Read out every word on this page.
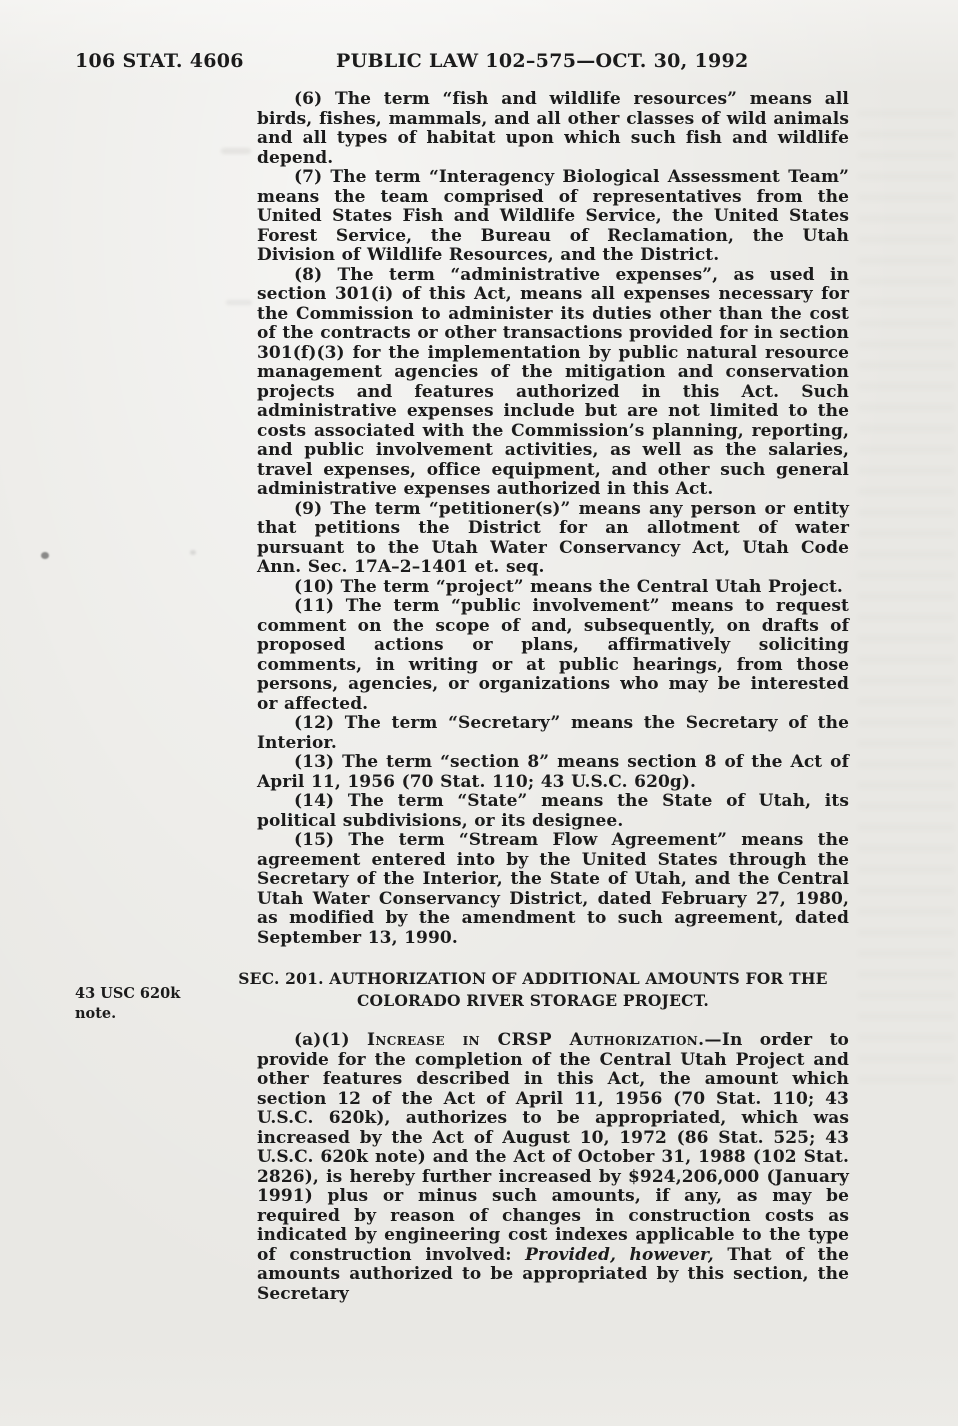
106 STAT. 4606	PUBLIC LAW 102–575—OCT. 30, 1992
43 USC 620k note.

(6) The term “fish and wildlife resources” means all birds, fishes, mammals, and all other classes of wild animals and all types of habitat upon which such fish and wildlife depend.

(7) The term “Interagency Biological Assessment Team” means the team comprised of representatives from the United States Fish and Wildlife Service, the United States Forest Service, the Bureau of Reclamation, the Utah Division of Wildlife Resources, and the District.

(8) The term “administrative expenses”, as used in section 301(i) of this Act, means all expenses necessary for the Commission to administer its duties other than the cost of the contracts or other transactions provided for in section 301(f)(3) for the implementation by public natural resource management agencies of the mitigation and conservation projects and features authorized in this Act. Such administrative expenses include but are not limited to the costs associated with the Commission’s planning, reporting, and public involvement activities, as well as the salaries, travel expenses, office equipment, and other such general administrative expenses authorized in this Act.

(9) The term “petitioner(s)” means any person or entity that petitions the District for an allotment of water pursuant to the Utah Water Conservancy Act, Utah Code Ann. Sec. 17A–2–1401 et. seq.

(10) The term “project” means the Central Utah Project.

(11) The term “public involvement” means to request comment on the scope of and, subsequently, on drafts of proposed actions or plans, affirmatively soliciting comments, in writing or at public hearings, from those persons, agencies, or organizations who may be interested or affected.

(12) The term “Secretary” means the Secretary of the Interior.

(13) The term “section 8” means section 8 of the Act of April 11, 1956 (70 Stat. 110; 43 U.S.C. 620g).

(14) The term “State” means the State of Utah, its political subdivisions, or its designee.

(15) The term “Stream Flow Agreement” means the agreement entered into by the United States through the Secretary of the Interior, the State of Utah, and the Central Utah Water Conservancy District, dated February 27, 1980, as modified by the amendment to such agreement, dated September 13, 1990.

SEC. 201. AUTHORIZATION OF ADDITIONAL AMOUNTS FOR THE COLORADO RIVER STORAGE PROJECT.

(a)(1) Increase in CRSP Authorization.—In order to provide for the completion of the Central Utah Project and other features described in this Act, the amount which section 12 of the Act of April 11, 1956 (70 Stat. 110; 43 U.S.C. 620k), authorizes to be appropriated, which was increased by the Act of August 10, 1972 (86 Stat. 525; 43 U.S.C. 620k note) and the Act of October 31, 1988 (102 Stat. 2826), is hereby further increased by $924,206,000 (January 1991) plus or minus such amounts, if any, as may be required by reason of changes in construction costs as indicated by engineering cost indexes applicable to the type of construction involved: Provided, however, That of the amounts authorized to be appropriated by this section, the Secretary
